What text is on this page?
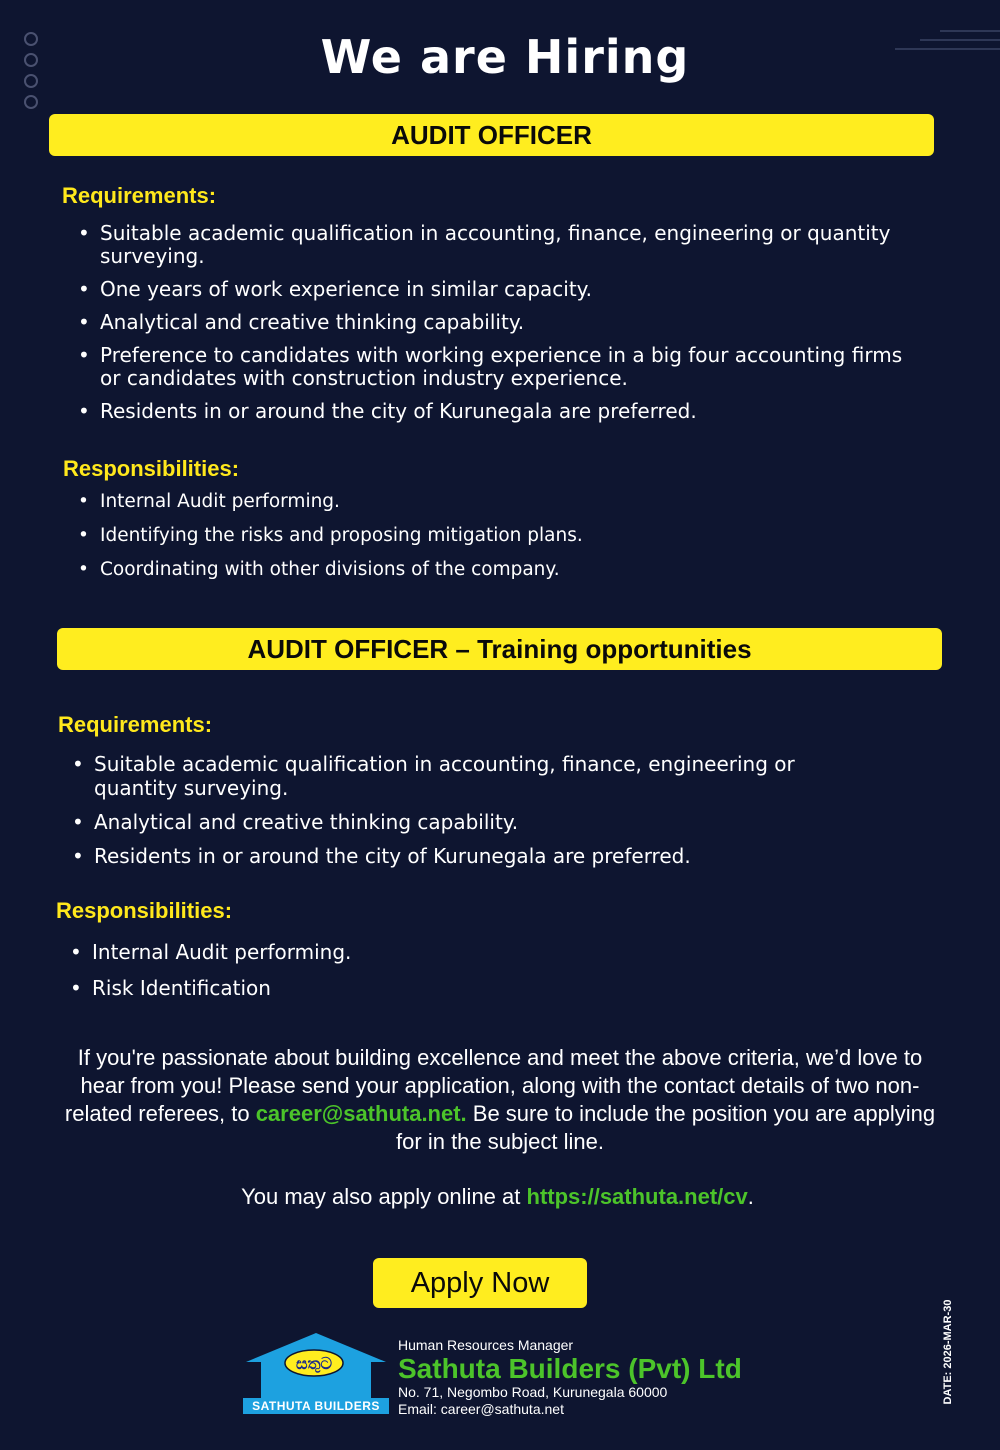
We are Hiring
AUDIT OFFICER
Requirements:
• Suitable academic qualification in accounting, finance, engineering or quantity surveying.
• One years of work experience in similar capacity.
• Analytical and creative thinking capability.
• Preference to candidates with working experience in a big four accounting firms or candidates with construction industry experience.
• Residents in or around the city of Kurunegala are preferred.
Responsibilities:
• Internal Audit performing.
• Identifying the risks and proposing mitigation plans.
• Coordinating with other divisions of the company.
AUDIT OFFICER – Training opportunities
Requirements:
• Suitable academic qualification in accounting, finance, engineering or quantity surveying.
• Analytical and creative thinking capability.
• Residents in or around the city of Kurunegala are preferred.
Responsibilities:
• Internal Audit performing.
• Risk Identification

If you're passionate about building excellence and meet the above criteria, we’d love to hear from you! Please send your application, along with the contact details of two non-related referees, to career@sathuta.net. Be sure to include the position you are applying for in the subject line.

You may also apply online at https://sathuta.net/cv.

Apply Now
සතුට
SATHUTA BUILDERS
Human Resources Manager
Sathuta Builders (Pvt) Ltd
No. 71, Negombo Road, Kurunegala 60000
Email: career@sathuta.net
DATE: 2026-MAR-30
